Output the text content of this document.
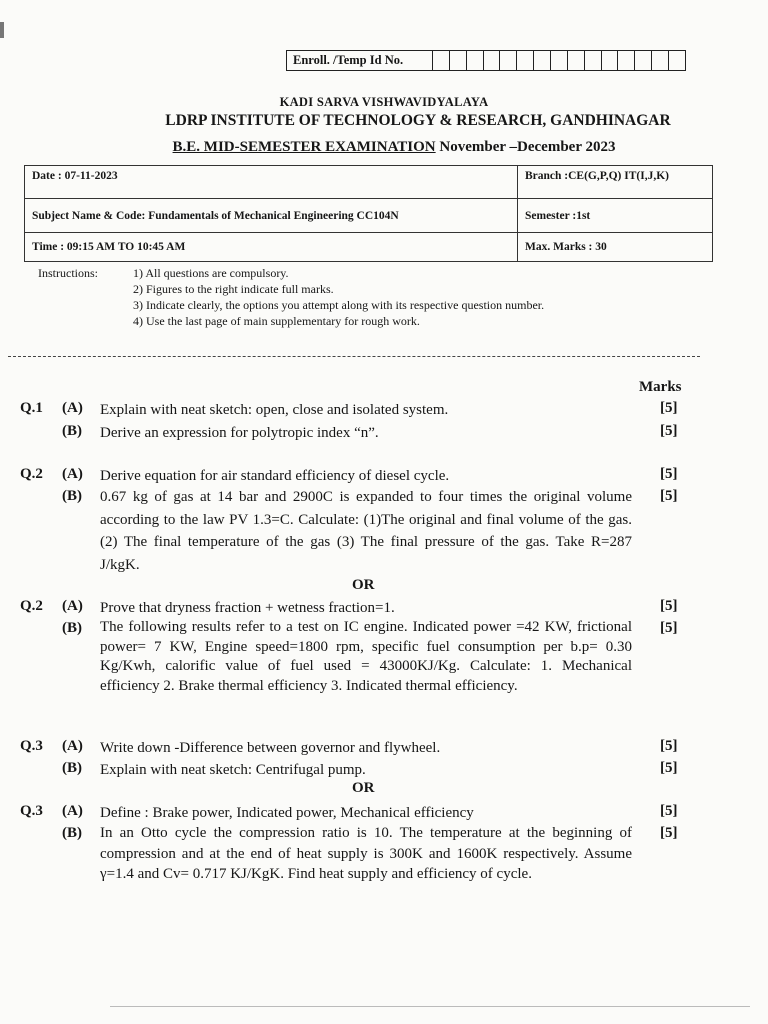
Enroll. /Temp Id No.
KADI SARVA VISHWAVIDYALAYA
LDRP INSTITUTE OF TECHNOLOGY & RESEARCH, GANDHINAGAR
B.E. MID-SEMESTER EXAMINATION November –December 2023
Date : 07-11-2023	Branch :CE(G,P,Q) IT(I,J,K)
Subject Name & Code: Fundamentals of Mechanical Engineering CC104N	Semester :1st
Time : 09:15 AM TO 10:45 AM	Max. Marks : 30
Instructions:	1) All questions are compulsory.
2) Figures to the right indicate full marks.
3) Indicate clearly, the options you attempt along with its respective question number.
4) Use the last page of main supplementary for rough work.
Marks
Q.1 (A) Explain with neat sketch: open, close and isolated system.	[5]
(B) Derive an expression for polytropic index “n”.	[5]
Q.2 (A) Derive equation for air standard efficiency of diesel cycle.	[5]
(B) 0.67 kg of gas at 14 bar and 2900C is expanded to four times the original volume according to the law PV 1.3=C. Calculate: (1)The original and final volume of the gas.(2) The final temperature of the gas (3) The final pressure of the gas. Take R=287 J/kgK.
[5]
OR
Q.2 (A) Prove that dryness fraction + wetness fraction=1.	[5]
(B) The following results refer to a test on IC engine. Indicated power =42 KW, frictional power= 7 KW, Engine speed=1800 rpm, specific fuel consumption per b.p= 0.30 Kg/Kwh, calorific value of fuel used = 43000KJ/Kg. Calculate: 1. Mechanical efficiency 2. Brake thermal efficiency 3. Indicated thermal efficiency.
[5]
Q.3 (A) Write down -Difference between governor and flywheel.	[5]
(B) Explain with neat sketch: Centrifugal pump.	[5]
OR
Q.3 (A) Define : Brake power, Indicated power, Mechanical efficiency	[5]
(B) In an Otto cycle the compression ratio is 10. The temperature at the beginning of compression and at the end of heat supply is 300K and 1600K respectively. Assume γ=1.4 and Cv= 0.717 KJ/KgK. Find heat supply and efficiency of cycle.
[5]
